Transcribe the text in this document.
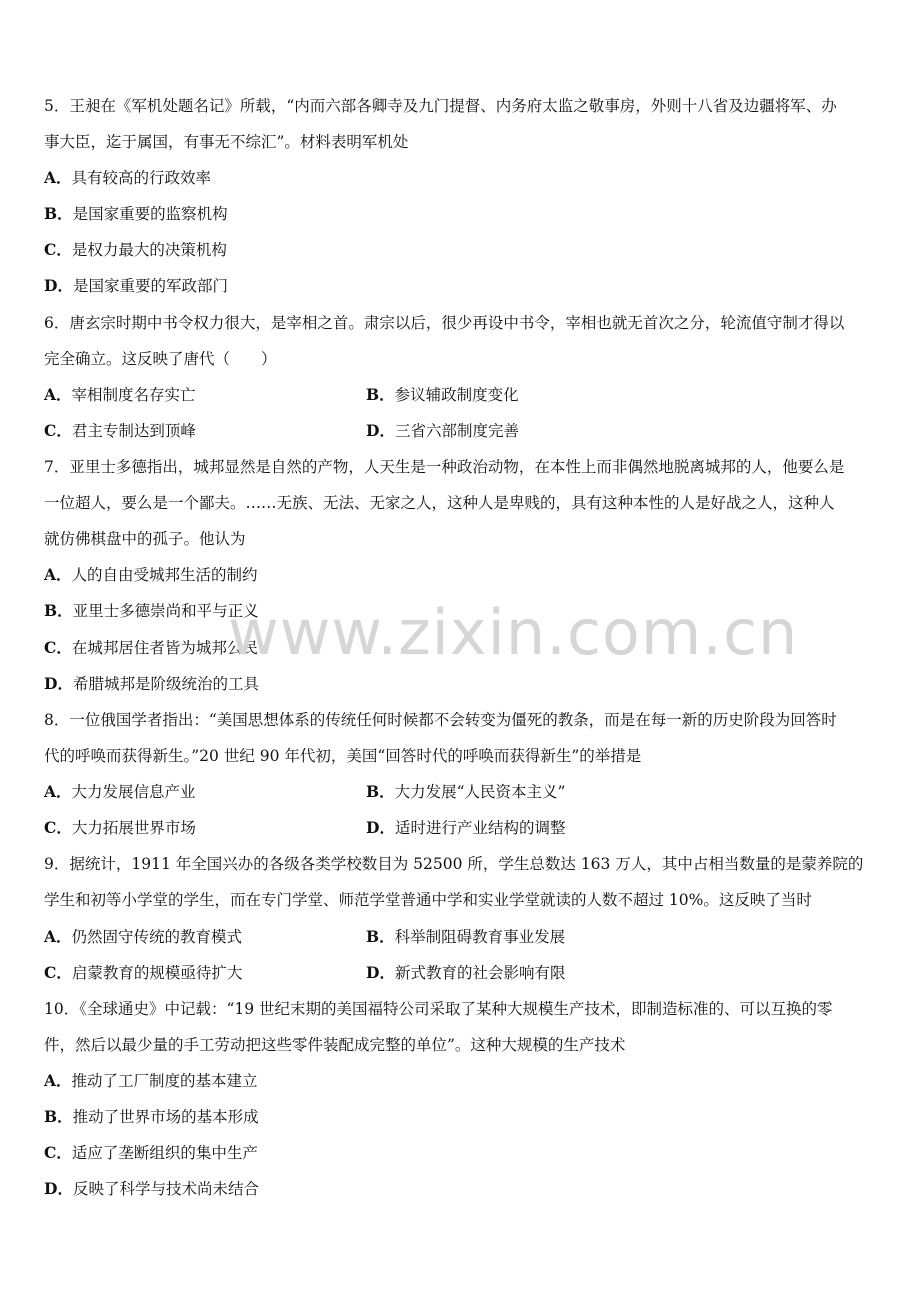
5．王昶在《军机处题名记》所载，“内而六部各卿寺及九门提督、内务府太监之敬事房，外则十八省及边疆将军、办
事大臣，迄于属国，有事无不综汇”。材料表明军机处
A．具有较高的行政效率
B．是国家重要的监察机构
C．是权力最大的决策机构
D．是国家重要的军政部门
6．唐玄宗时期中书令权力很大，是宰相之首。肃宗以后，很少再设中书令，宰相也就无首次之分，轮流值守制才得以
完全确立。这反映了唐代（　　）
A．宰相制度名存实亡	B．参议辅政制度变化
C．君主专制达到顶峰	D．三省六部制度完善
7．亚里士多德指出，城邦显然是自然的产物，人天生是一种政治动物，在本性上而非偶然地脱离城邦的人，他要么是
一位超人，要么是一个鄙夫。……无族、无法、无家之人，这种人是卑贱的，具有这种本性的人是好战之人，这种人
就仿佛棋盘中的孤子。他认为
A．人的自由受城邦生活的制约
B．亚里士多德崇尚和平与正义
C．在城邦居住者皆为城邦公民
D．希腊城邦是阶级统治的工具
8．一位俄国学者指出：“美国思想体系的传统任何时候都不会转变为僵死的教条，而是在每一新的历史阶段为回答时
代的呼唤而获得新生。”20 世纪 90 年代初，美国“回答时代的呼唤而获得新生”的举措是
A．大力发展信息产业	B．大力发展“人民资本主义”
C．大力拓展世界市场	D．适时进行产业结构的调整
9．据统计，1911 年全国兴办的各级各类学校数目为 52500 所，学生总数达 163 万人，其中占相当数量的是蒙养院的
学生和初等小学堂的学生，而在专门学堂、师范学堂普通中学和实业学堂就读的人数不超过 10%。这反映了当时
A．仍然固守传统的教育模式	B．科举制阻碍教育事业发展
C．启蒙教育的规模亟待扩大	D．新式教育的社会影响有限
10．《全球通史》中记载：“19 世纪末期的美国福特公司采取了某种大规模生产技术，即制造标准的、可以互换的零
件，然后以最少量的手工劳动把这些零件装配成完整的单位”。这种大规模的生产技术
A．推动了工厂制度的基本建立
B．推动了世界市场的基本形成
C．适应了垄断组织的集中生产
D．反映了科学与技术尚未结合
www.zixin.com.cn
